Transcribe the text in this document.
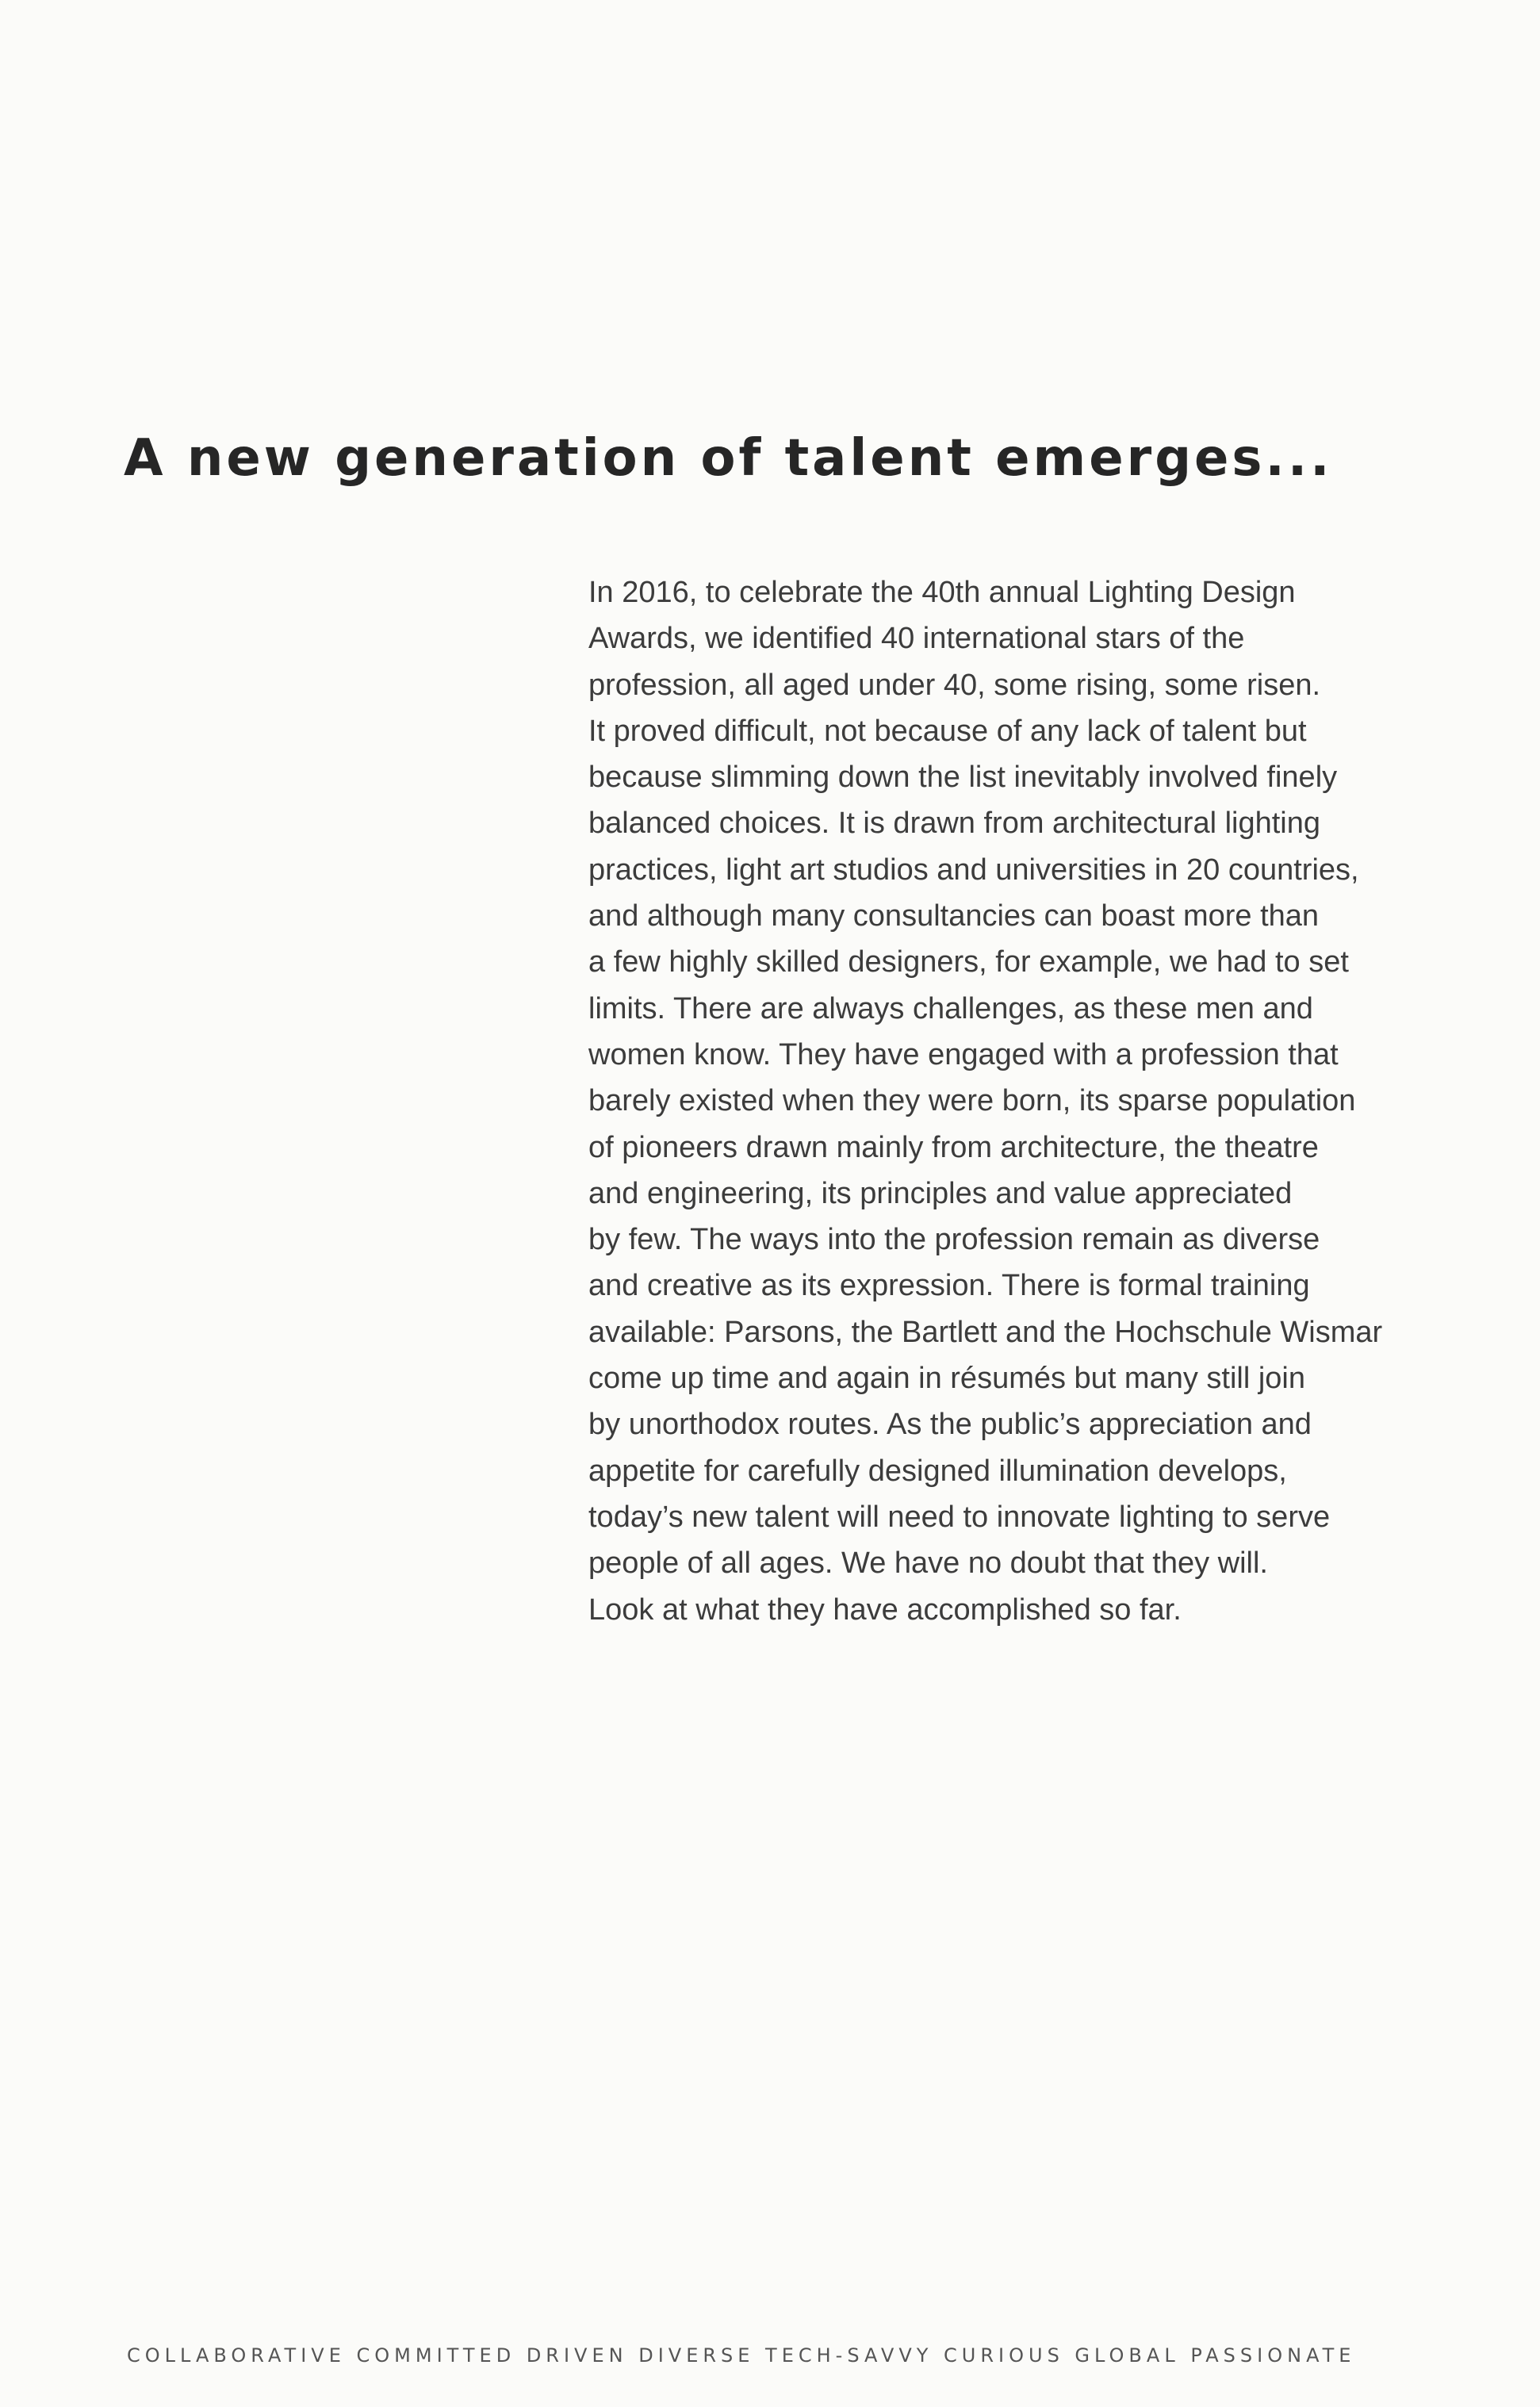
A new generation of talent emerges...
In 2016, to celebrate the 40th annual Lighting Design
Awards, we identified 40 international stars of the
profession, all aged under 40, some rising, some risen.
It proved difficult, not because of any lack of talent but
because slimming down the list inevitably involved finely
balanced choices. It is drawn from architectural lighting
practices, light art studios and universities in 20 countries,
and although many consultancies can boast more than
a few highly skilled designers, for example, we had to set
limits. There are always challenges, as these men and
women know. They have engaged with a profession that
barely existed when they were born, its sparse population
of pioneers drawn mainly from architecture, the theatre
and engineering, its principles and value appreciated
by few. The ways into the profession remain as diverse
and creative as its expression. There is formal training
available: Parsons, the Bartlett and the Hochschule Wismar
come up time and again in résumés but many still join
by unorthodox routes. As the public’s appreciation and
appetite for carefully designed illumination develops,
today’s new talent will need to innovate lighting to serve
people of all ages. We have no doubt that they will.
Look at what they have accomplished so far.

COLLABORATIVE COMMITTED DRIVEN DIVERSE TECH-SAVVY CURIOUS GLOBAL PASSIONATE
